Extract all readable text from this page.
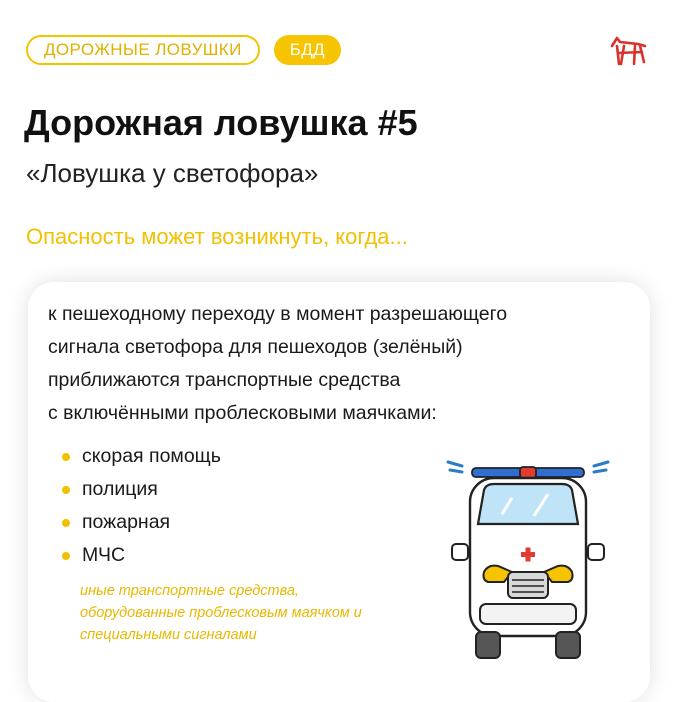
ДОРОЖНЫЕ ЛОВУШКИ	БДД
Дорожная ловушка #5

«Ловушка у светофора»

Опасность может возникнуть, когда...

к пешеходному переходу в момент разрешающего
сигнала светофора для пешеходов (зелёный)
приближаются транспортные средства
с включёнными проблесковыми маячками:

скорая помощь
полиция
пожарная
МЧС

иные транспортные средства, оборудованные проблесковым маячком и специальными сигналами
